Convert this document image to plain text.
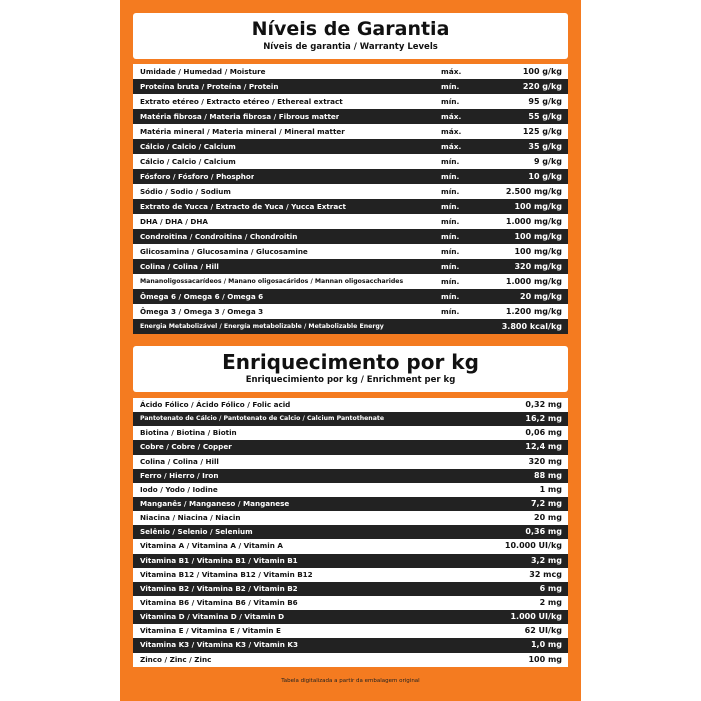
Níveis de Garantia
Níveis de garantia / Warranty Levels
Umidade / Humedad / Moisture	máx.	100 g/kg
Proteína bruta / Proteína / Protein	mín.	220 g/kg
Extrato etéreo / Extracto etéreo / Ethereal extract	mín.	95 g/kg
Matéria fibrosa / Materia fibrosa / Fibrous matter	máx.	55 g/kg
Matéria mineral / Materia mineral / Mineral matter	máx.	125 g/kg
Cálcio / Calcio / Calcium	máx.	35 g/kg
Cálcio / Calcio / Calcium	mín.	9 g/kg
Fósforo / Fósforo / Phosphor	mín.	10 g/kg
Sódio / Sodio / Sodium	mín.	2.500 mg/kg
Extrato de Yucca / Extracto de Yuca / Yucca Extract	mín.	100 mg/kg
DHA / DHA / DHA	mín.	1.000 mg/kg
Condroitina / Condroitina / Chondroitin	mín.	100 mg/kg
Glicosamina / Glucosamina / Glucosamine	mín.	100 mg/kg
Colina / Colina / Hill	mín.	320 mg/kg
Mananoligossacarídeos / Manano oligosacáridos / Mannan oligosaccharides	mín.	1.000 mg/kg
Ômega 6 / Omega 6 / Omega 6	mín.	20 mg/kg
Ômega 3 / Omega 3 / Omega 3	mín.	1.200 mg/kg
Energia Metabolizável / Energía metabolizable / Metabolizable Energy	3.800 kcal/kg
Enriquecimento por kg
Enriquecimiento por kg / Enrichment per kg
Ácido Fólico / Ácido Fólico / Folic acid	0,32 mg
Pantotenato de Cálcio / Pantotenato de Calcio / Calcium Pantothenate	16,2 mg
Biotina / Biotina / Biotin	0,06 mg
Cobre / Cobre / Copper	12,4 mg
Colina / Colina / Hill	320 mg
Ferro / Hierro / Iron	88 mg
Iodo / Yodo / Iodine	1 mg
Manganês / Manganeso / Manganese	7,2 mg
Niacina / Niacina / Niacin	20 mg
Selênio / Selenio / Selenium	0,36 mg
Vitamina A / Vitamina A / Vitamin A	10.000 UI/kg
Vitamina B1 / Vitamina B1 / Vitamin B1	3,2 mg
Vitamina B12 / Vitamina B12 / Vitamin B12	32 mcg
Vitamina B2 / Vitamina B2 / Vitamin B2	6 mg
Vitamina B6 / Vitamina B6 / Vitamin B6	2 mg
Vitamina D / Vitamina D / Vitamin D	1.000 UI/kg
Vitamina E / Vitamina E / Vitamin E	62 UI/kg
Vitamina K3 / Vitamina K3 / Vitamin K3	1,0 mg
Zinco / Zinc / Zinc	100 mg
Tabela digitalizada a partir da embalagem original
